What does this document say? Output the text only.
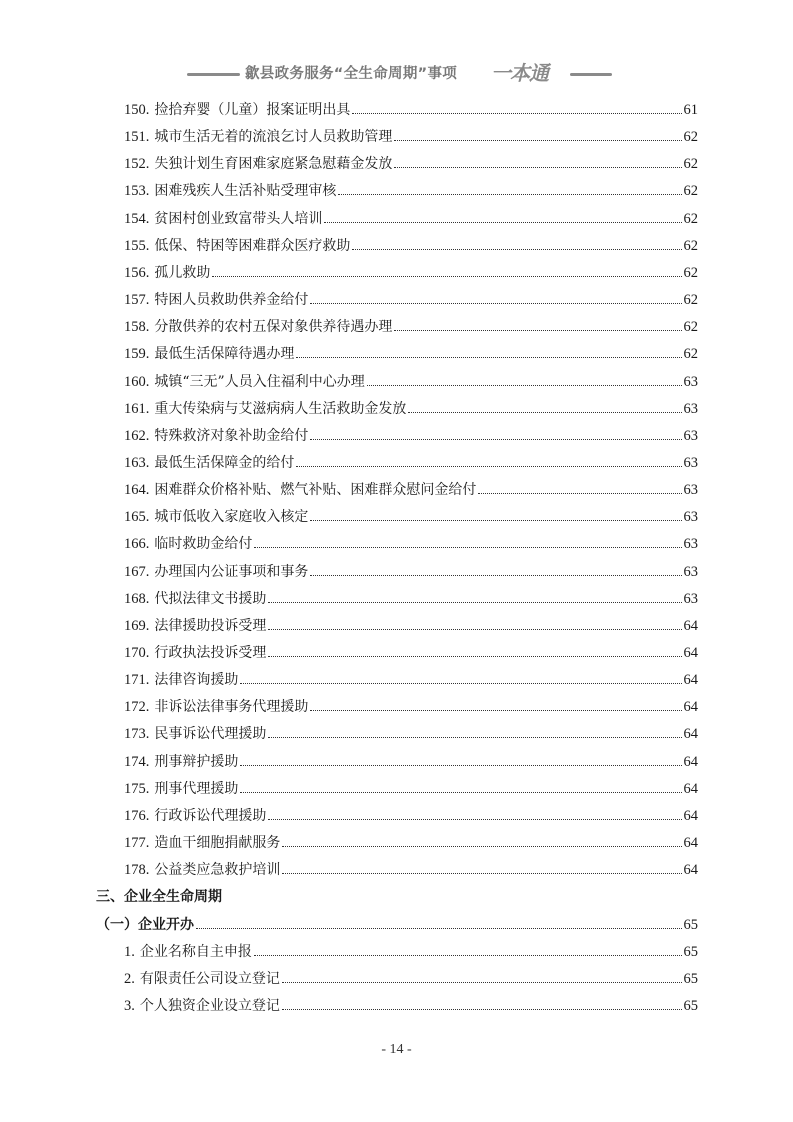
歙县政务服务“全生命周期”事项 一本通
150. 捡拾弃婴（儿童）报案证明出具	61
151. 城市生活无着的流浪乞讨人员救助管理	62
152. 失独计划生育困难家庭紧急慰藉金发放	62
153. 困难残疾人生活补贴受理审核	62
154. 贫困村创业致富带头人培训	62
155. 低保、特困等困难群众医疗救助	62
156. 孤儿救助	62
157. 特困人员救助供养金给付	62
158. 分散供养的农村五保对象供养待遇办理	62
159. 最低生活保障待遇办理	62
160. 城镇“三无”人员入住福利中心办理	63
161. 重大传染病与艾滋病病人生活救助金发放	63
162. 特殊救济对象补助金给付	63
163. 最低生活保障金的给付	63
164. 困难群众价格补贴、燃气补贴、困难群众慰问金给付	63
165. 城市低收入家庭收入核定	63
166. 临时救助金给付	63
167. 办理国内公证事项和事务	63
168. 代拟法律文书援助	63
169. 法律援助投诉受理	64
170. 行政执法投诉受理	64
171. 法律咨询援助	64
172. 非诉讼法律事务代理援助	64
173. 民事诉讼代理援助	64
174. 刑事辩护援助	64
175. 刑事代理援助	64
176. 行政诉讼代理援助	64
177. 造血干细胞捐献服务	64
178. 公益类应急救护培训	64
三、企业全生命周期
（一）企业开办	65
1. 企业名称自主申报	65
2. 有限责任公司设立登记	65
3. 个人独资企业设立登记	65
- 14 -
